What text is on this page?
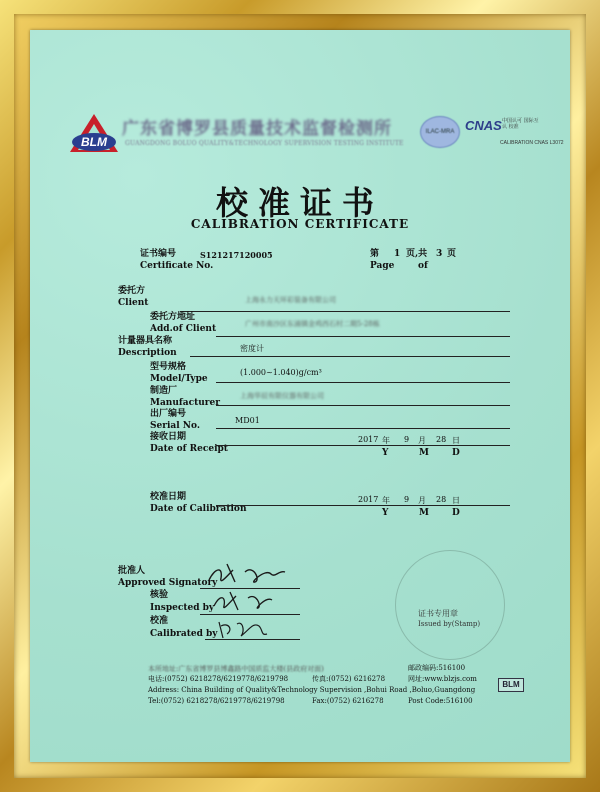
BLM
广东省博罗县质量技术监督检测所
GUANGDONG BOLUO QUALITY&TECHNOLOGY SUPERVISION TESTING INSTITUTE
ILAC-MRA CNAS 中国认可 国际互认 校准
CALIBRATION CNAS L3072
校准证书
CALIBRATION CERTIFICATE
证书编号	S121217120005
Certificate No.
第 1 页,共 3 页
Page	of
委托方
Client	上海永力天环彩装备有限公司
委托方地址
Add.of Client	广州市南沙区东涌镇金鸡西石村二期5-28栋
计量器具名称
Description	密度计
型号规格
Model/Type
(1.000~1.040)g/cm³
制造厂
Manufacturer
上海华辰有限仪器有限公司
出厂编号
Serial No.
MD01
接收日期
Date of Receipt
2017 年 9 月 28 日
Y	M	D
校准日期
Date of Calibration
2017 年 9 月 28 日
Y	M	D
批准人
Approved Signatory
核验
Inspected by
校准
Calibrated by
证书专用章
Issued by(Stamp)
本所地址:广东省博罗县博鑫路中国质监大楼(县政府对面)	邮政编码:516100
电话:(0752) 6218278/6219778/6219798	传真:(0752) 6216278	网址:www.blzjs.com
Address: China Building of Quality&Technology Supervision ,Bohui Road ,Boluo,Guangdong
Tel:(0752) 6218278/6219778/6219798	Fax:(0752) 6216278	Post Code:516100
BLM
